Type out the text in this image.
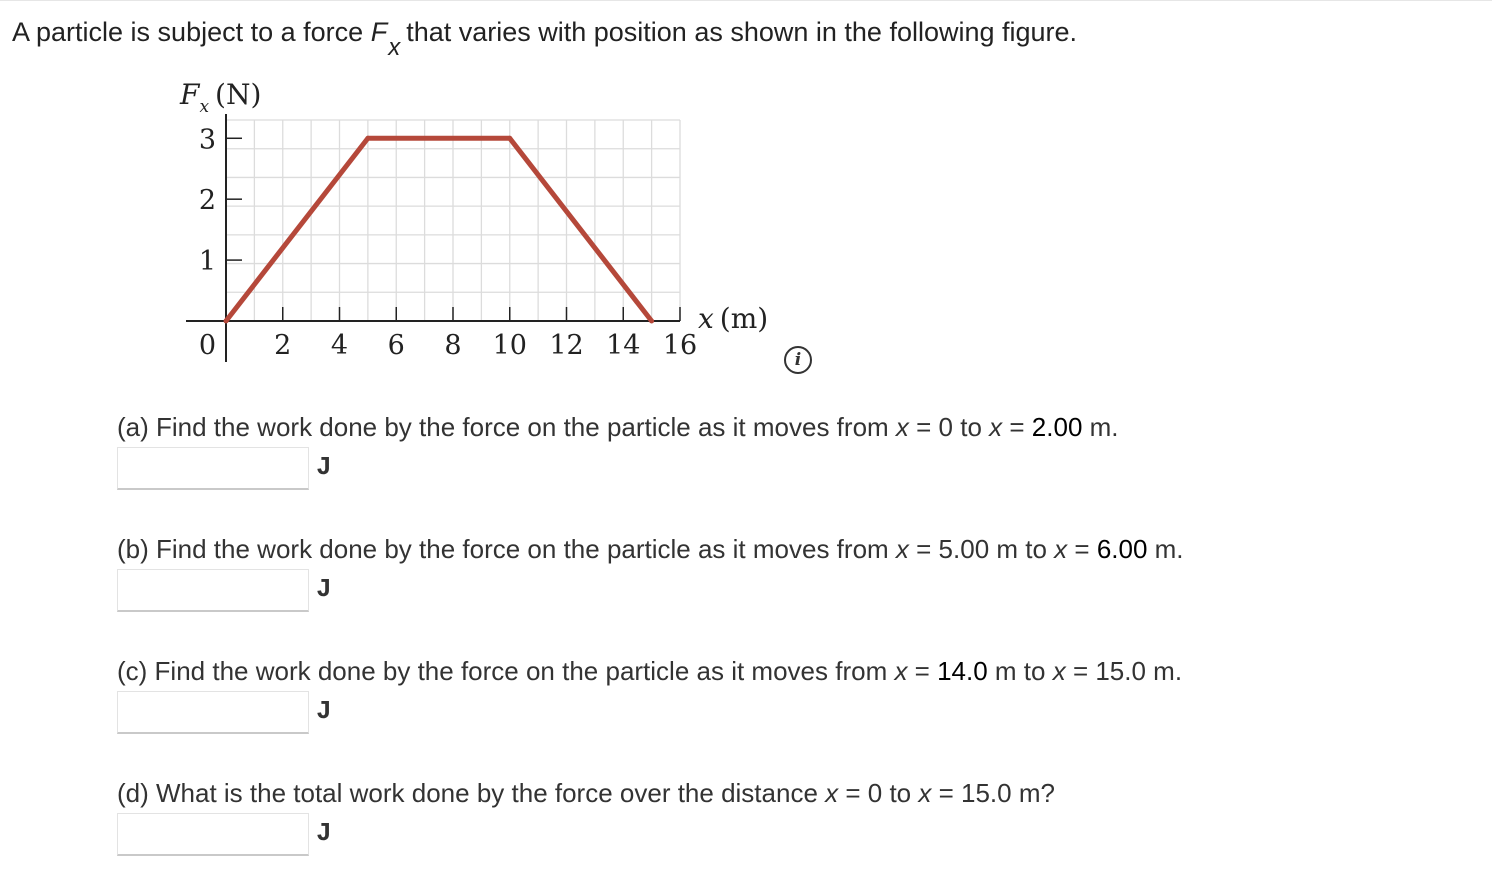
A particle is subject to a force Fxthat varies with position as shown in the following figure.
2 4 6 8 10 12 14 16
1
2
3
0
$F_x$ (N)
x (m)
i
(a) Find the work done by the force on the particle as it moves from x = 0 to x = 2.00 m.
J
(b) Find the work done by the force on the particle as it moves from x = 5.00 m to x = 6.00 m.
J
(c) Find the work done by the force on the particle as it moves from x = 14.0 m to x = 15.0 m.
J
(d) What is the total work done by the force over the distance x = 0 to x = 15.0 m?
J
